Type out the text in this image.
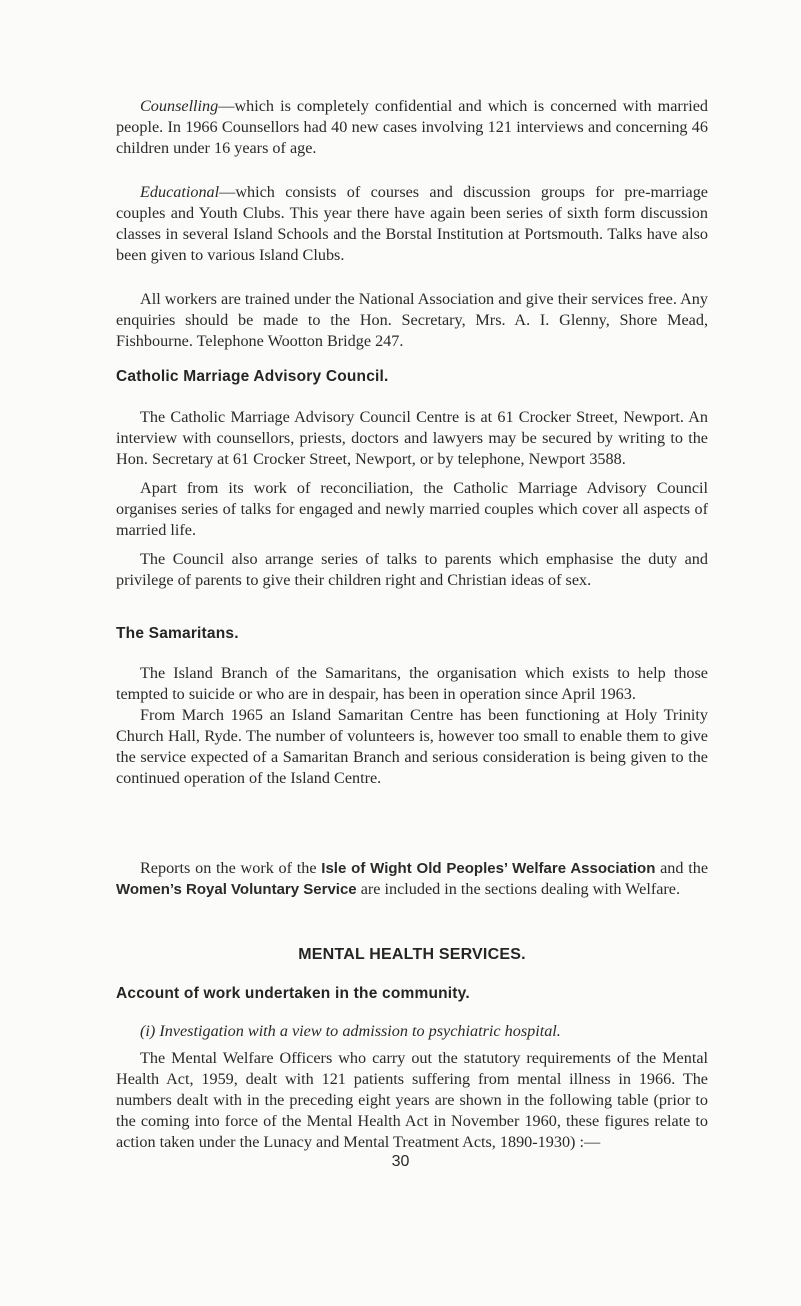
Counselling—which is completely confidential and which is concerned with married people. In 1966 Counsellors had 40 new cases involving 121 interviews and concerning 46 children under 16 years of age.

Educational—which consists of courses and discussion groups for pre-marriage couples and Youth Clubs. This year there have again been series of sixth form discussion classes in several Island Schools and the Borstal Institution at Portsmouth. Talks have also been given to various Island Clubs.

All workers are trained under the National Association and give their services free. Any enquiries should be made to the Hon. Secretary, Mrs. A. I. Glenny, Shore Mead, Fishbourne. Telephone Wootton Bridge 247.

Catholic Marriage Advisory Council.

The Catholic Marriage Advisory Council Centre is at 61 Crocker Street, Newport. An interview with counsellors, priests, doctors and lawyers may be secured by writing to the Hon. Secretary at 61 Crocker Street, Newport, or by telephone, Newport 3588.

Apart from its work of reconciliation, the Catholic Marriage Advisory Council organises series of talks for engaged and newly married couples which cover all aspects of married life.

The Council also arrange series of talks to parents which emphasise the duty and privilege of parents to give their children right and Christian ideas of sex.

The Samaritans.

The Island Branch of the Samaritans, the organisation which exists to help those tempted to suicide or who are in despair, has been in operation since April 1963.

From March 1965 an Island Samaritan Centre has been functioning at Holy Trinity Church Hall, Ryde. The number of volunteers is, however too small to enable them to give the service expected of a Samaritan Branch and serious consideration is being given to the continued operation of the Island Centre.

Reports on the work of the Isle of Wight Old Peoples’ Welfare Association and the Women’s Royal Voluntary Service are included in the sections dealing with Welfare.

MENTAL HEALTH SERVICES.
Account of work undertaken in the community.

(i) Investigation with a view to admission to psychiatric hospital.

The Mental Welfare Officers who carry out the statutory requirements of the Mental Health Act, 1959, dealt with 121 patients suffering from mental illness in 1966. The numbers dealt with in the preceding eight years are shown in the following table (prior to the coming into force of the Mental Health Act in November 1960, these figures relate to action taken under the Lunacy and Mental Treatment Acts, 1890-1930) :—

30
